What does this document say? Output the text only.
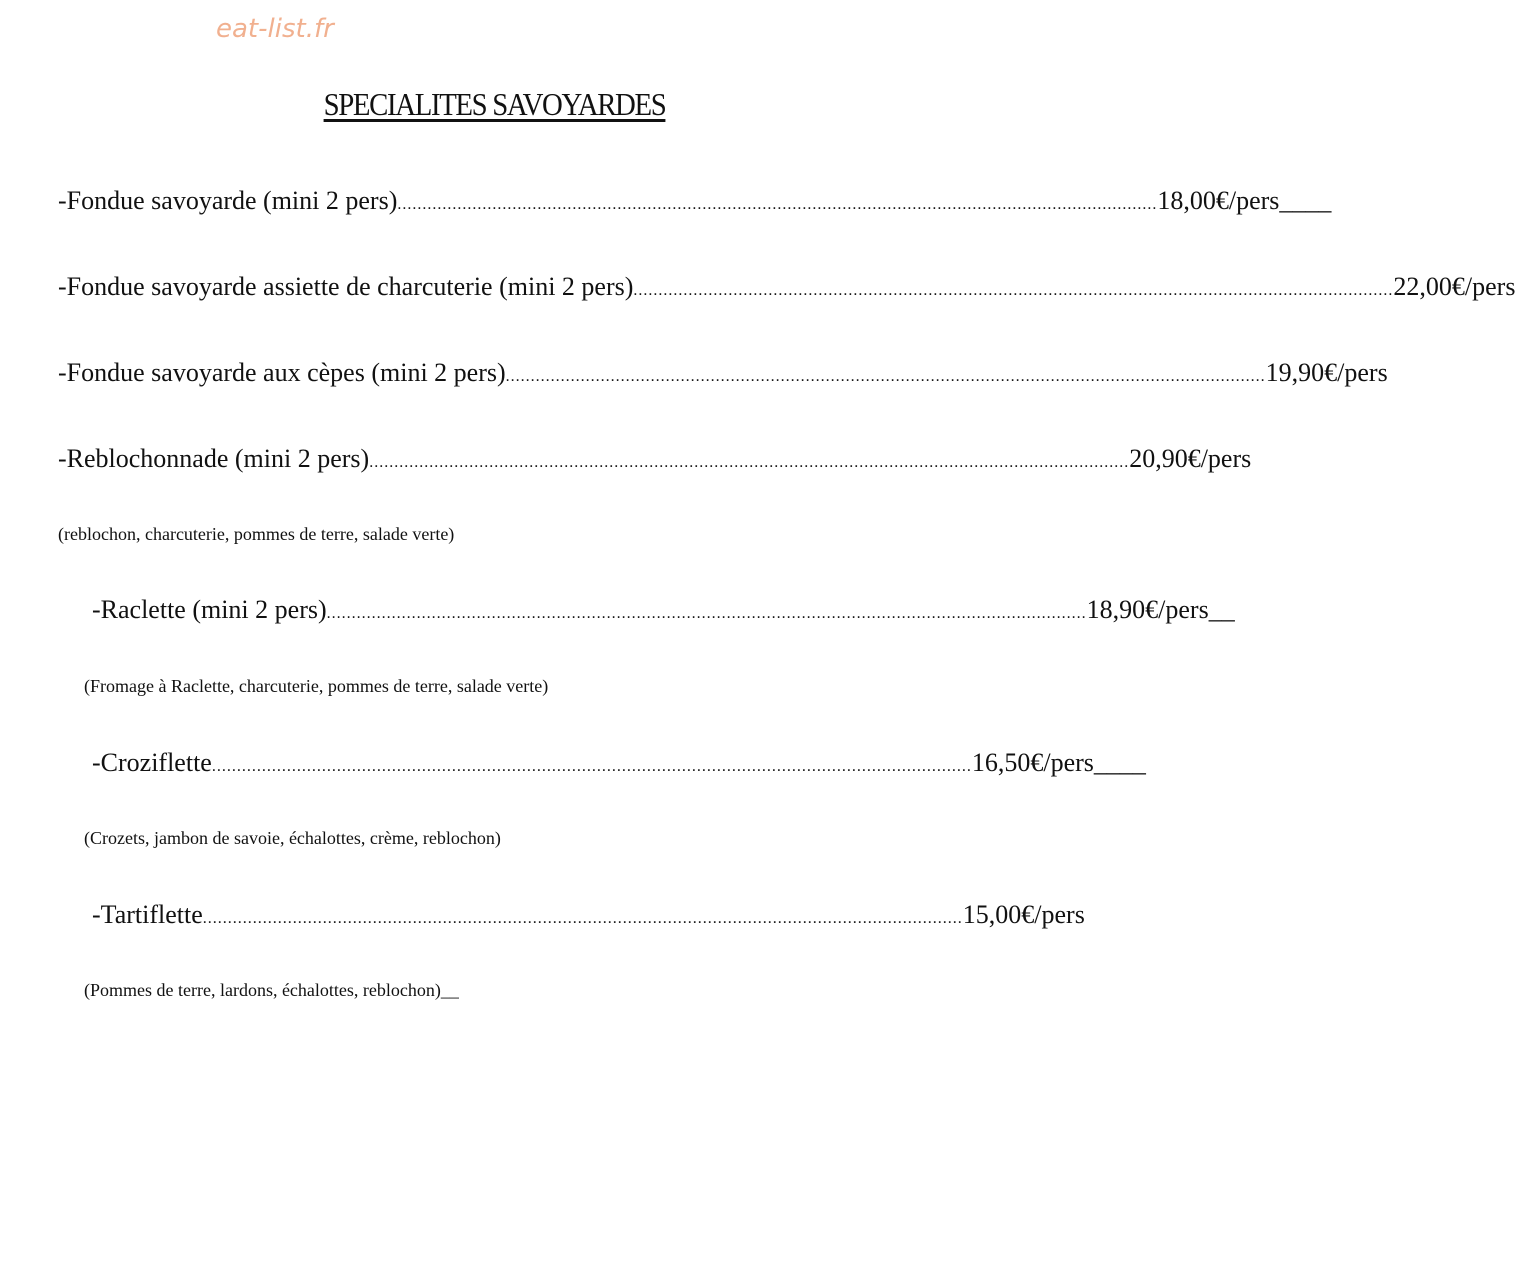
eat-list.fr
SPECIALITES SAVOYARDES
-Fondue savoyarde (mini 2 pers) ........................................................................................................................................................ 18,00€/pers ____
-Fondue savoyarde assiette de charcuterie (mini 2 pers) ........................................................................................................................................................ 22,00€/pers
-Fondue savoyarde aux cèpes (mini 2 pers) ........................................................................................................................................................ 19,90€/pers
-Reblochonnade (mini 2 pers) ........................................................................................................................................................ 20,90€/pers
(reblochon, charcuterie, pommes de terre, salade verte)
-Raclette (mini 2 pers) ........................................................................................................................................................ 18,90€/pers __
(Fromage à Raclette, charcuterie, pommes de terre, salade verte)
-Croziflette ........................................................................................................................................................ 16,50€/pers ____
(Crozets, jambon de savoie, échalottes, crème, reblochon)
-Tartiflette ........................................................................................................................................................ 15,00€/pers
(Pommes de terre, lardons, échalottes, reblochon)__
